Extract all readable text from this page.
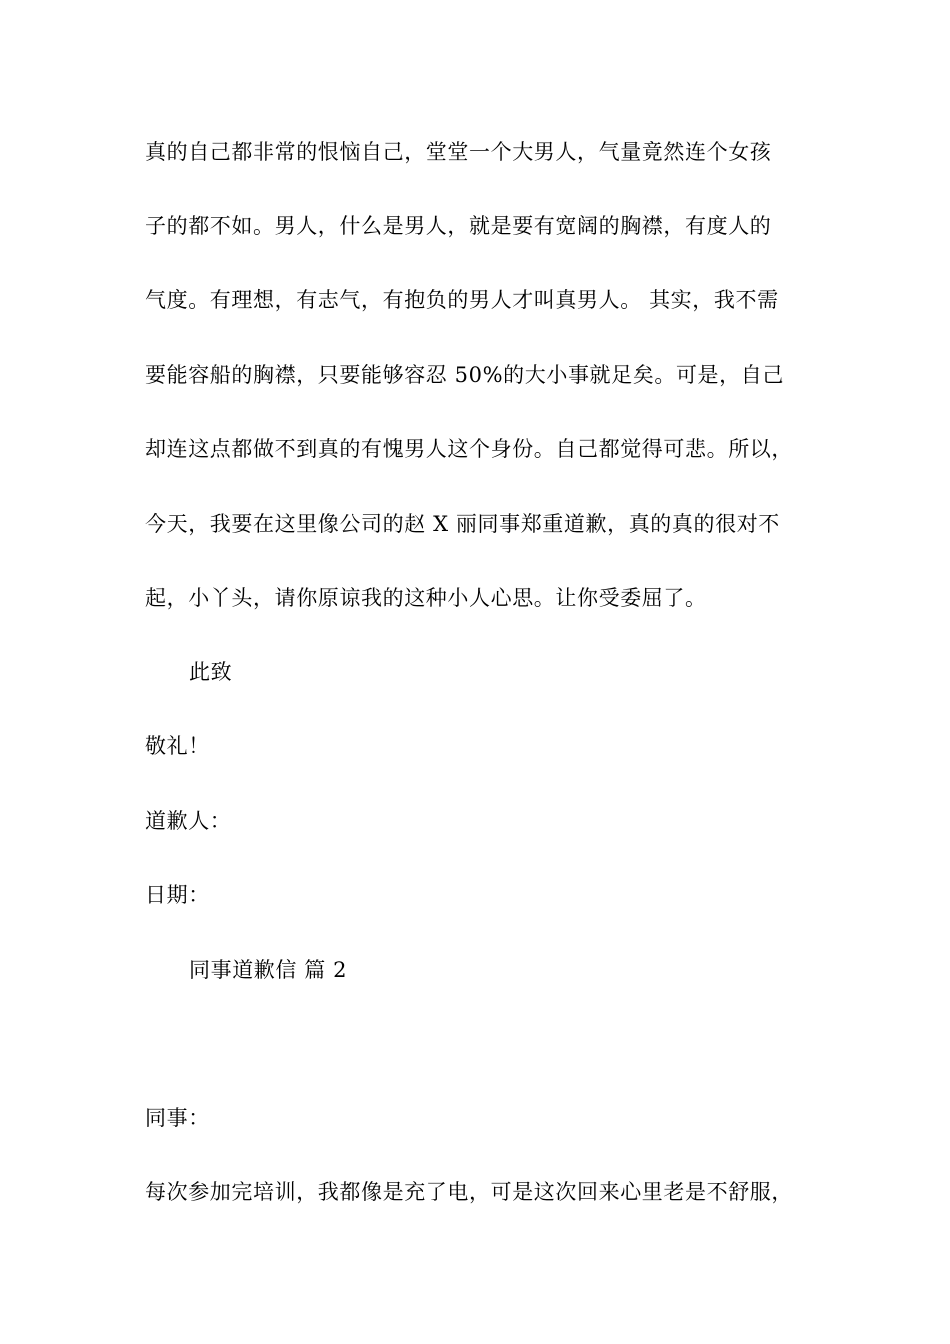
真的自己都非常的恨恼自己，堂堂一个大男人，气量竟然连个女孩
子的都不如。男人，什么是男人，就是要有宽阔的胸襟，有度人的
气度。有理想，有志气，有抱负的男人才叫真男人。 其实，我不需
要能容船的胸襟，只要能够容忍 50%的大小事就足矣。可是，自己
却连这点都做不到真的有愧男人这个身份。自己都觉得可悲。所以，
今天，我要在这里像公司的赵 X 丽同事郑重道歉，真的真的很对不
起，小丫头，请你原谅我的这种小人心思。让你受委屈了。
此致
敬礼！
道歉人：
日期：
同事道歉信 篇 2
同事：
每次参加完培训，我都像是充了电，可是这次回来心里老是不舒服，
